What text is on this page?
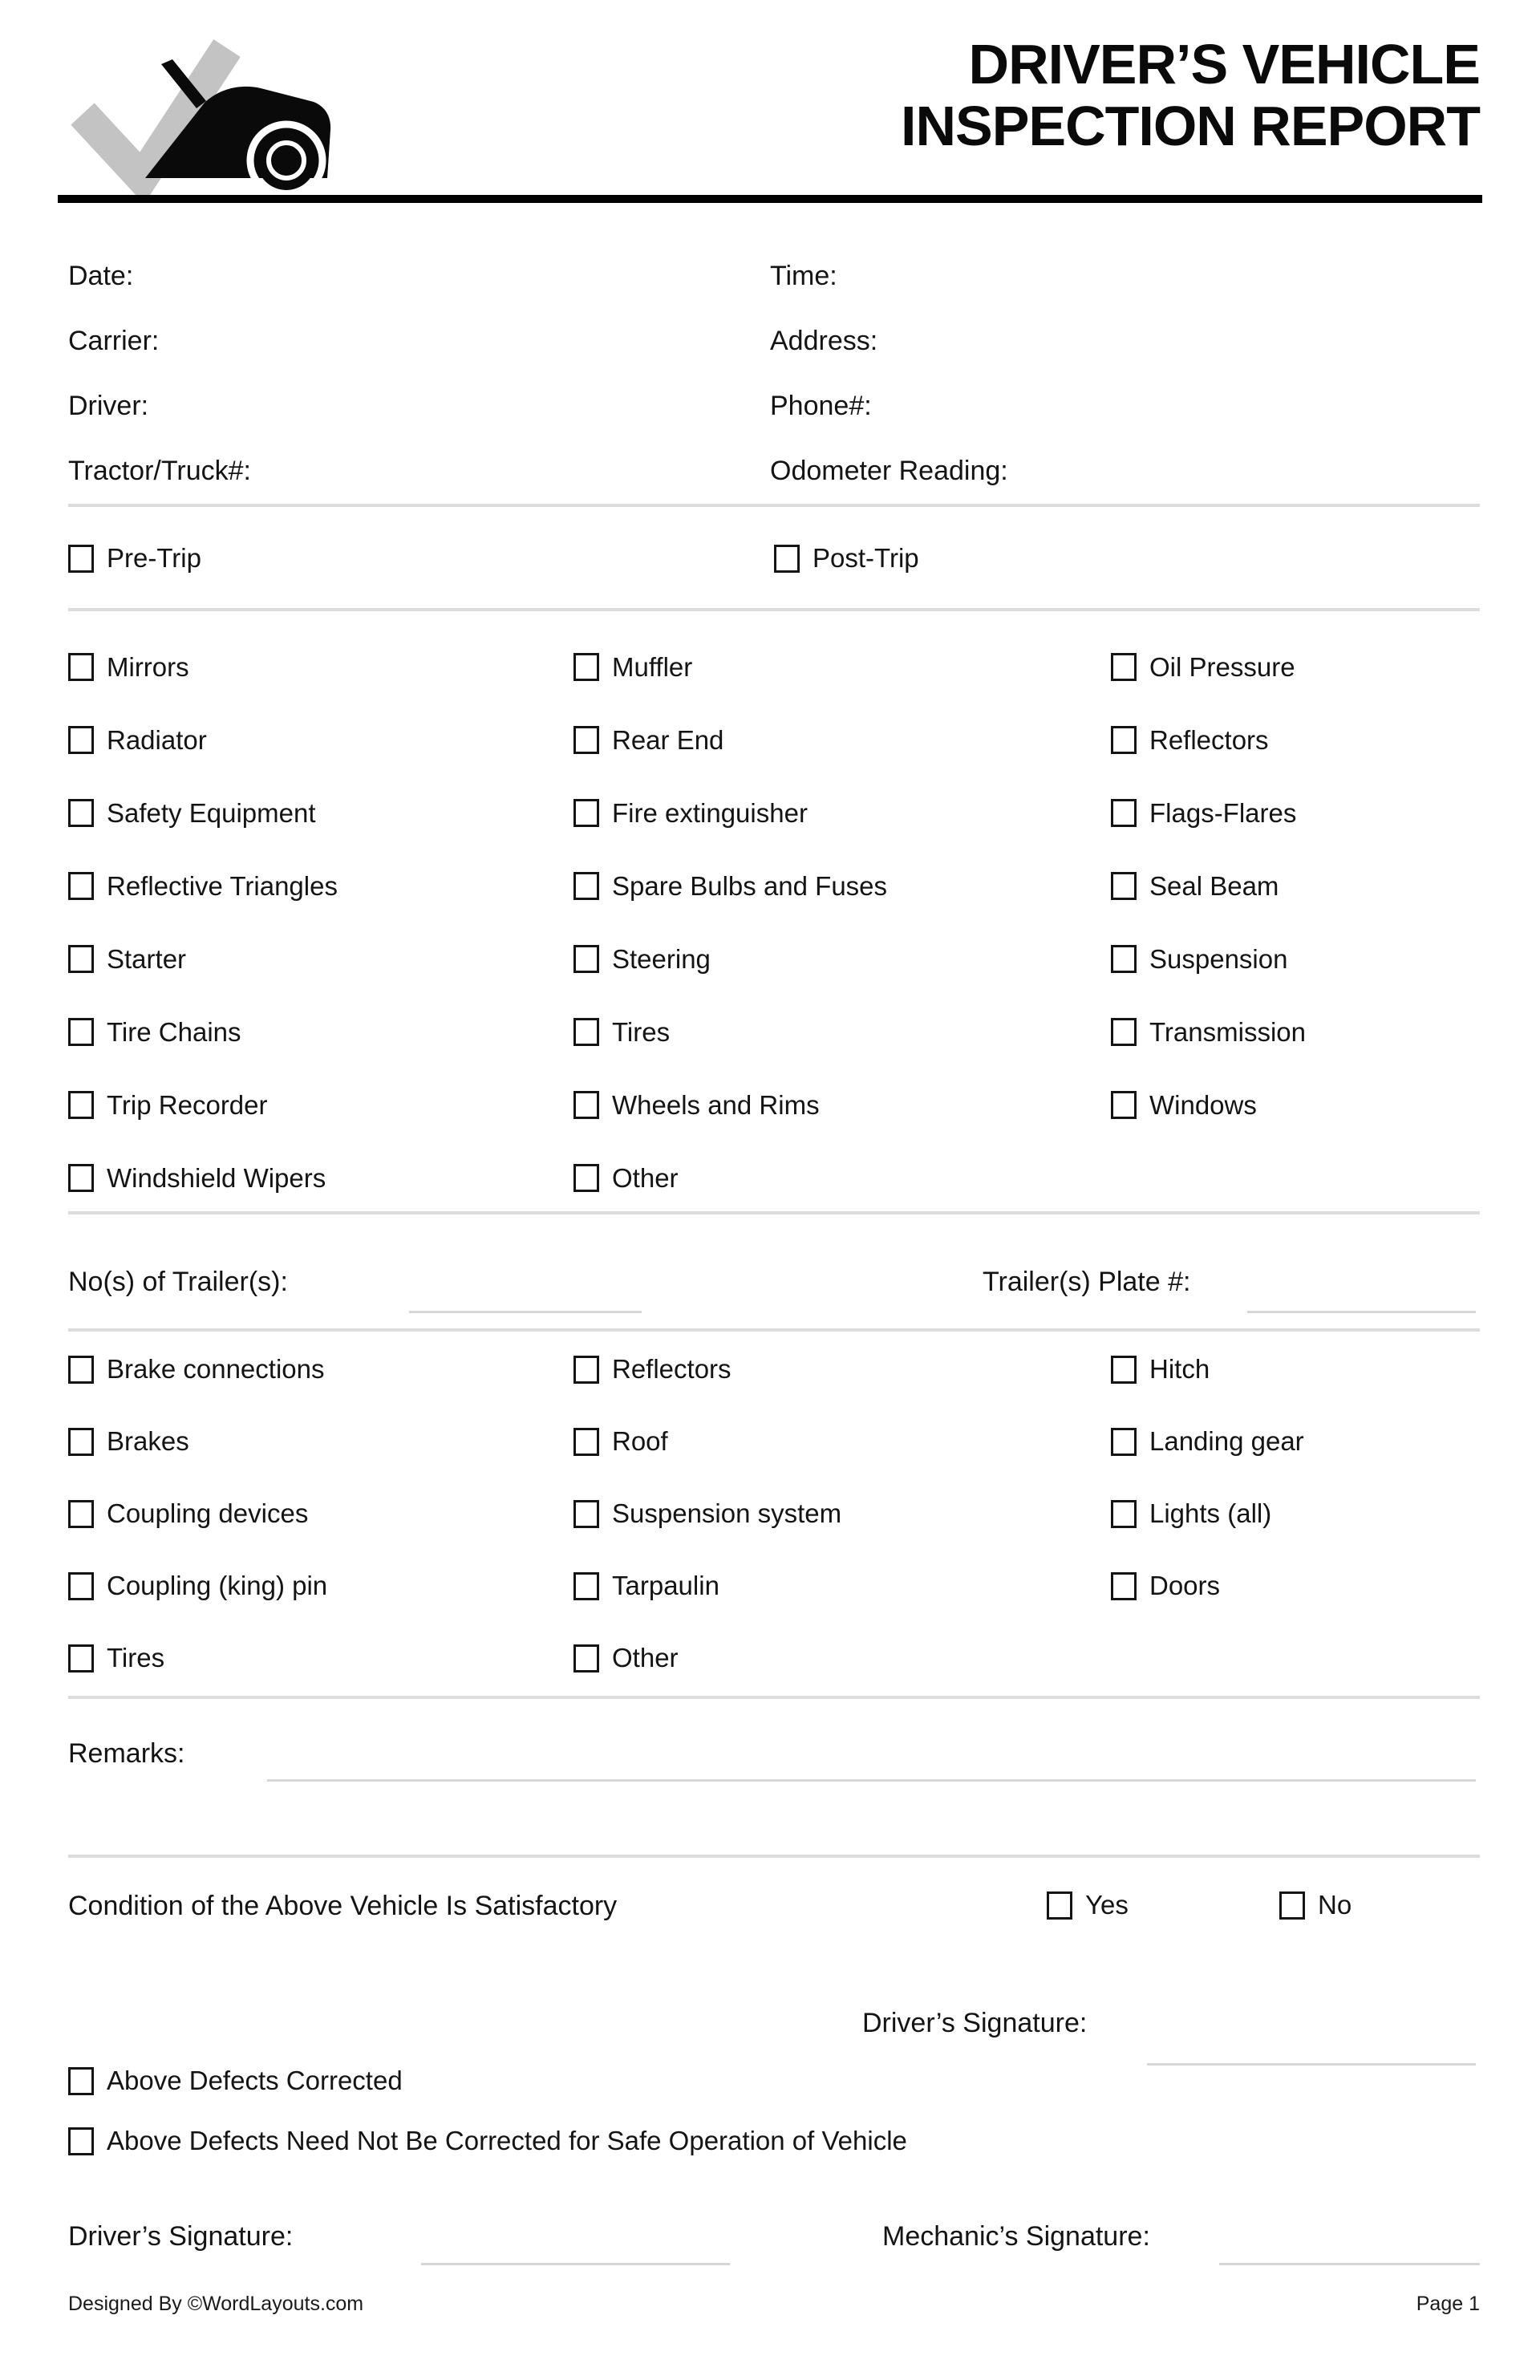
DRIVER’S VEHICLE
INSPECTION REPORT
Date:	Time:
Carrier:	Address:
Driver:	Phone#:
Tractor/Truck#:	Odometer Reading:
Pre-Trip	Post-Trip
Mirrors	Muffler	Oil Pressure
Radiator	Rear End	Reflectors
Safety Equipment	Fire extinguisher	Flags-Flares
Reflective Triangles	Spare Bulbs and Fuses	Seal Beam
Starter	Steering	Suspension
Tire Chains	Tires	Transmission
Trip Recorder	Wheels and Rims	Windows
Windshield Wipers	Other
No(s) of Trailer(s):	Trailer(s) Plate #:
Brake connections	Reflectors	Hitch
Brakes	Roof	Landing gear
Coupling devices	Suspension system	Lights (all)
Coupling (king) pin	Tarpaulin	Doors
Tires	Other
Remarks:
Condition of the Above Vehicle Is Satisfactory	Yes	No
Driver’s Signature:
Above Defects Corrected
Above Defects Need Not Be Corrected for Safe Operation of Vehicle
Driver’s Signature:	Mechanic’s Signature:
Designed By ©WordLayouts.com	Page 1
